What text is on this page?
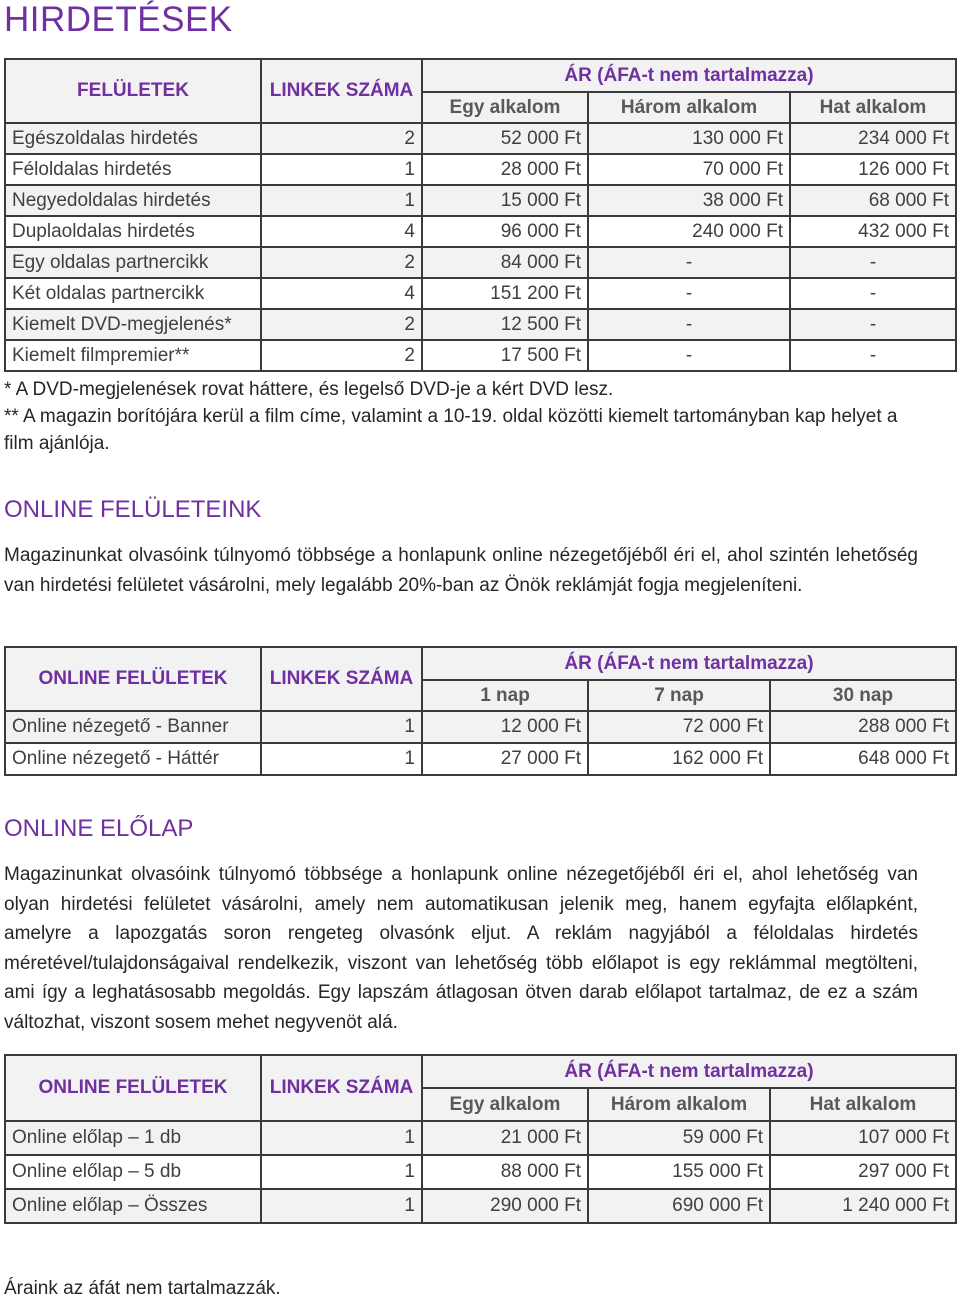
HIRDETÉSEK
FELÜLETEK	LINKEK SZÁMA	ÁR (ÁFA-t nem tartalmazza)		
		Egy alkalom	Három alkalom	Hat alkalom
Egészoldalas hirdetés	2	52 000 Ft	130 000 Ft	234 000 Ft
Féloldalas hirdetés	1	28 000 Ft	70 000 Ft	126 000 Ft
Negyedoldalas hirdetés	1	15 000 Ft	38 000 Ft	68 000 Ft
Duplaoldalas hirdetés	4	96 000 Ft	240 000 Ft	432 000 Ft
Egy oldalas partnercikk	2	84 000 Ft	-	-
Két oldalas partnercikk	4	151 200 Ft	-	-
Kiemelt DVD-megjelenés*	2	12 500 Ft	-	-
Kiemelt filmpremier**	2	17 500 Ft	-	-
* A DVD-megjelenések rovat háttere, és legelső DVD-je a kért DVD lesz.
** A magazin borítójára kerül a film címe, valamint a 10-19. oldal közötti kiemelt tartományban kap helyet a film ajánlója.
ONLINE FELÜLETEINK
Magazinunkat olvasóink túlnyomó többsége a honlapunk online nézegetőjéből éri el, ahol szintén lehetőség van hirdetési felületet vásárolni, mely legalább 20%-ban az Önök reklámját fogja megjeleníteni.
ONLINE FELÜLETEK	LINKEK SZÁMA	ÁR (ÁFA-t nem tartalmazza)		
		1 nap	7 nap	30 nap
Online nézegető - Banner	1	12 000 Ft	72 000 Ft	288 000 Ft
Online nézegető - Háttér	1	27 000 Ft	162 000 Ft	648 000 Ft
ONLINE ELŐLAP
Magazinunkat olvasóink túlnyomó többsége a honlapunk online nézegetőjéből éri el, ahol lehetőség van olyan hirdetési felületet vásárolni, amely nem automatikusan jelenik meg, hanem egyfajta előlapként, amelyre a lapozgatás soron rengeteg olvasónk eljut. A reklám nagyjából a féloldalas hirdetés méretével/tulajdonságaival rendelkezik, viszont van lehetőség több előlapot is egy reklámmal megtölteni, ami így a leghatásosabb megoldás. Egy lapszám átlagosan ötven darab előlapot tartalmaz, de ez a szám változhat, viszont sosem mehet negyvenöt alá.
ONLINE FELÜLETEK	LINKEK SZÁMA	ÁR (ÁFA-t nem tartalmazza)		
		Egy alkalom	Három alkalom	Hat alkalom
Online előlap – 1 db	1	21 000 Ft	59 000 Ft	107 000 Ft
Online előlap – 5 db	1	88 000 Ft	155 000 Ft	297 000 Ft
Online előlap – Összes	1	290 000 Ft	690 000 Ft	1 240 000 Ft
Áraink az áfát nem tartalmazzák.
